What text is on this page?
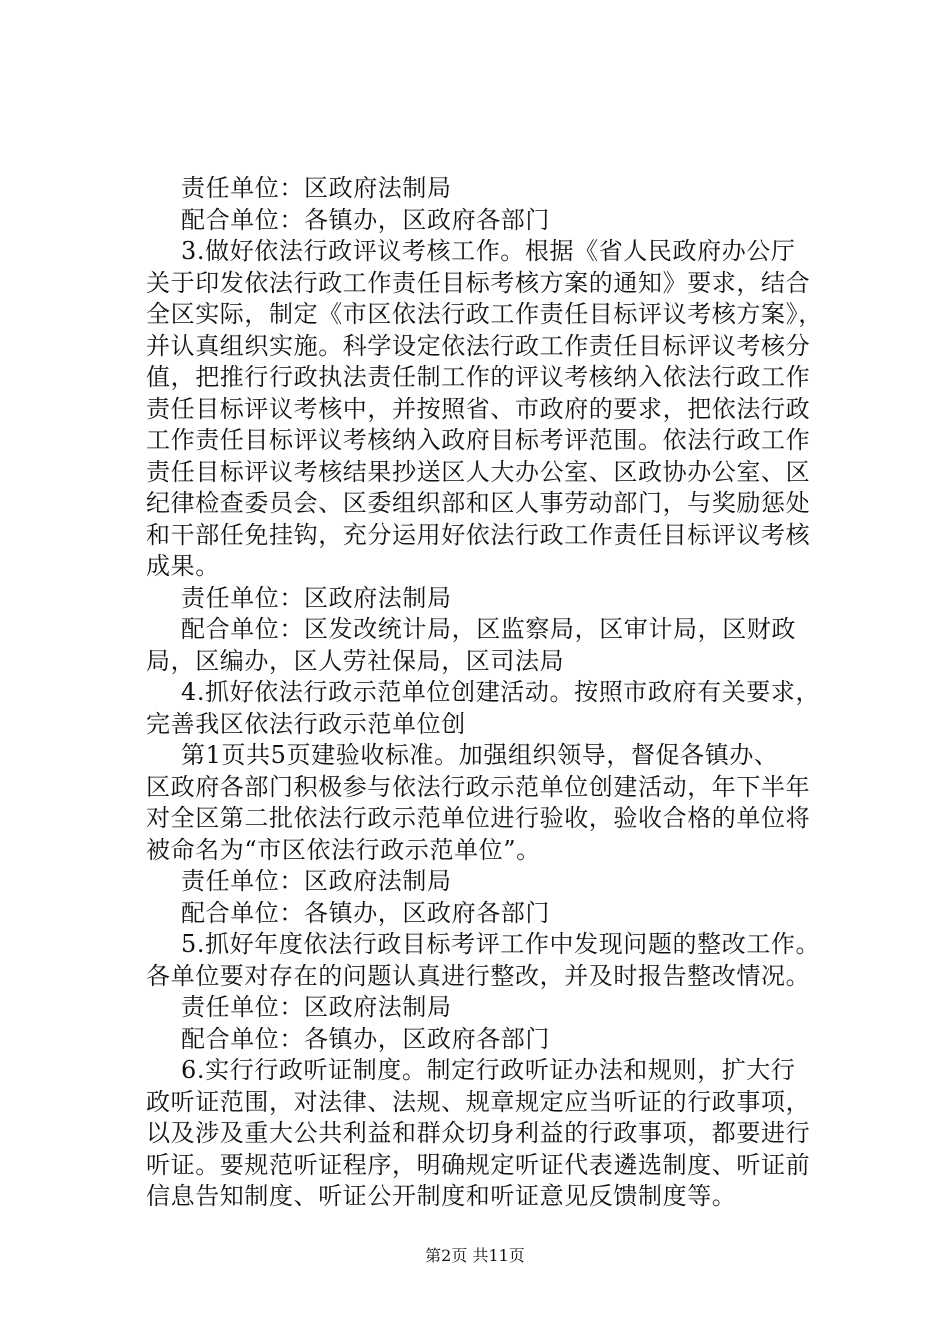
责任单位：区政府法制局
配合单位：各镇办，区政府各部门
3.做好依法行政评议考核工作。根据《省人民政府办公厅
关于印发依法行政工作责任目标考核方案的通知》要求，结合
全区实际，制定《市区依法行政工作责任目标评议考核方案》，
并认真组织实施。科学设定依法行政工作责任目标评议考核分
值，把推行行政执法责任制工作的评议考核纳入依法行政工作
责任目标评议考核中，并按照省、市政府的要求，把依法行政
工作责任目标评议考核纳入政府目标考评范围。依法行政工作
责任目标评议考核结果抄送区人大办公室、区政协办公室、区
纪律检查委员会、区委组织部和区人事劳动部门，与奖励惩处
和干部任免挂钩，充分运用好依法行政工作责任目标评议考核
成果。
责任单位：区政府法制局
配合单位：区发改统计局，区监察局，区审计局，区财政
局，区编办，区人劳社保局，区司法局
4.抓好依法行政示范单位创建活动。按照市政府有关要求，
完善我区依法行政示范单位创
第1页共5页建验收标准。加强组织领导，督促各镇办、
区政府各部门积极参与依法行政示范单位创建活动，年下半年
对全区第二批依法行政示范单位进行验收，验收合格的单位将
被命名为“市区依法行政示范单位”。
责任单位：区政府法制局
配合单位：各镇办，区政府各部门
5.抓好年度依法行政目标考评工作中发现问题的整改工作。
各单位要对存在的问题认真进行整改，并及时报告整改情况。
责任单位：区政府法制局
配合单位：各镇办，区政府各部门
6.实行行政听证制度。制定行政听证办法和规则，扩大行
政听证范围，对法律、法规、规章规定应当听证的行政事项，
以及涉及重大公共利益和群众切身利益的行政事项，都要进行
听证。要规范听证程序，明确规定听证代表遴选制度、听证前
信息告知制度、听证公开制度和听证意见反馈制度等。
第2页 共11页
